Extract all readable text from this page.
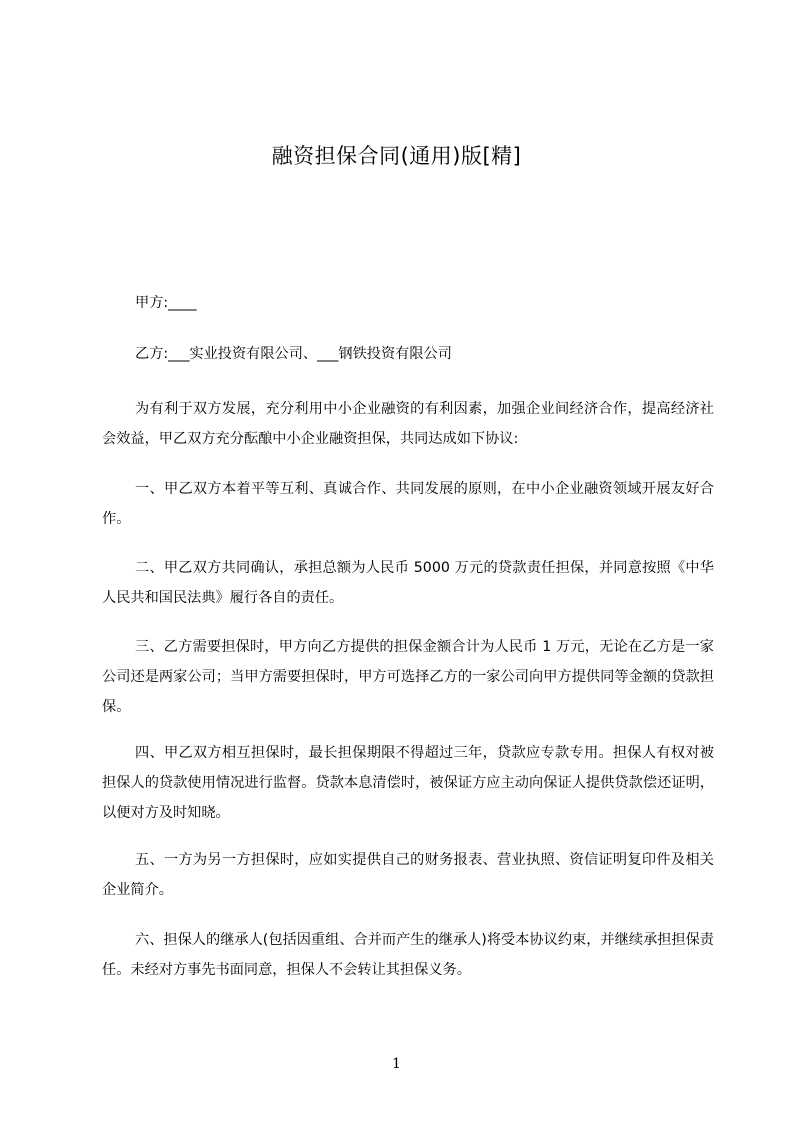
融资担保合同(通用)版[精]
甲方:____
乙方:___实业投资有限公司、___钢铁投资有限公司
为有利于双方发展，充分利用中小企业融资的有利因素，加强企业间经济合作，提高经济社会效益，甲乙双方充分酝酿中小企业融资担保，共同达成如下协议:
一、甲乙双方本着平等互利、真诚合作、共同发展的原则，在中小企业融资领域开展友好合作。
二、甲乙双方共同确认，承担总额为人民币 5000 万元的贷款责任担保，并同意按照《中华人民共和国民法典》履行各自的责任。
三、乙方需要担保时，甲方向乙方提供的担保金额合计为人民币 1 万元，无论在乙方是一家公司还是两家公司；当甲方需要担保时，甲方可选择乙方的一家公司向甲方提供同等金额的贷款担保。
四、甲乙双方相互担保时，最长担保期限不得超过三年，贷款应专款专用。担保人有权对被担保人的贷款使用情况进行监督。贷款本息清偿时，被保证方应主动向保证人提供贷款偿还证明，以便对方及时知晓。
五、一方为另一方担保时，应如实提供自己的财务报表、营业执照、资信证明复印件及相关企业简介。
六、担保人的继承人(包括因重组、合并而产生的继承人)将受本协议约束，并继续承担担保责任。未经对方事先书面同意，担保人不会转让其担保义务。
1
